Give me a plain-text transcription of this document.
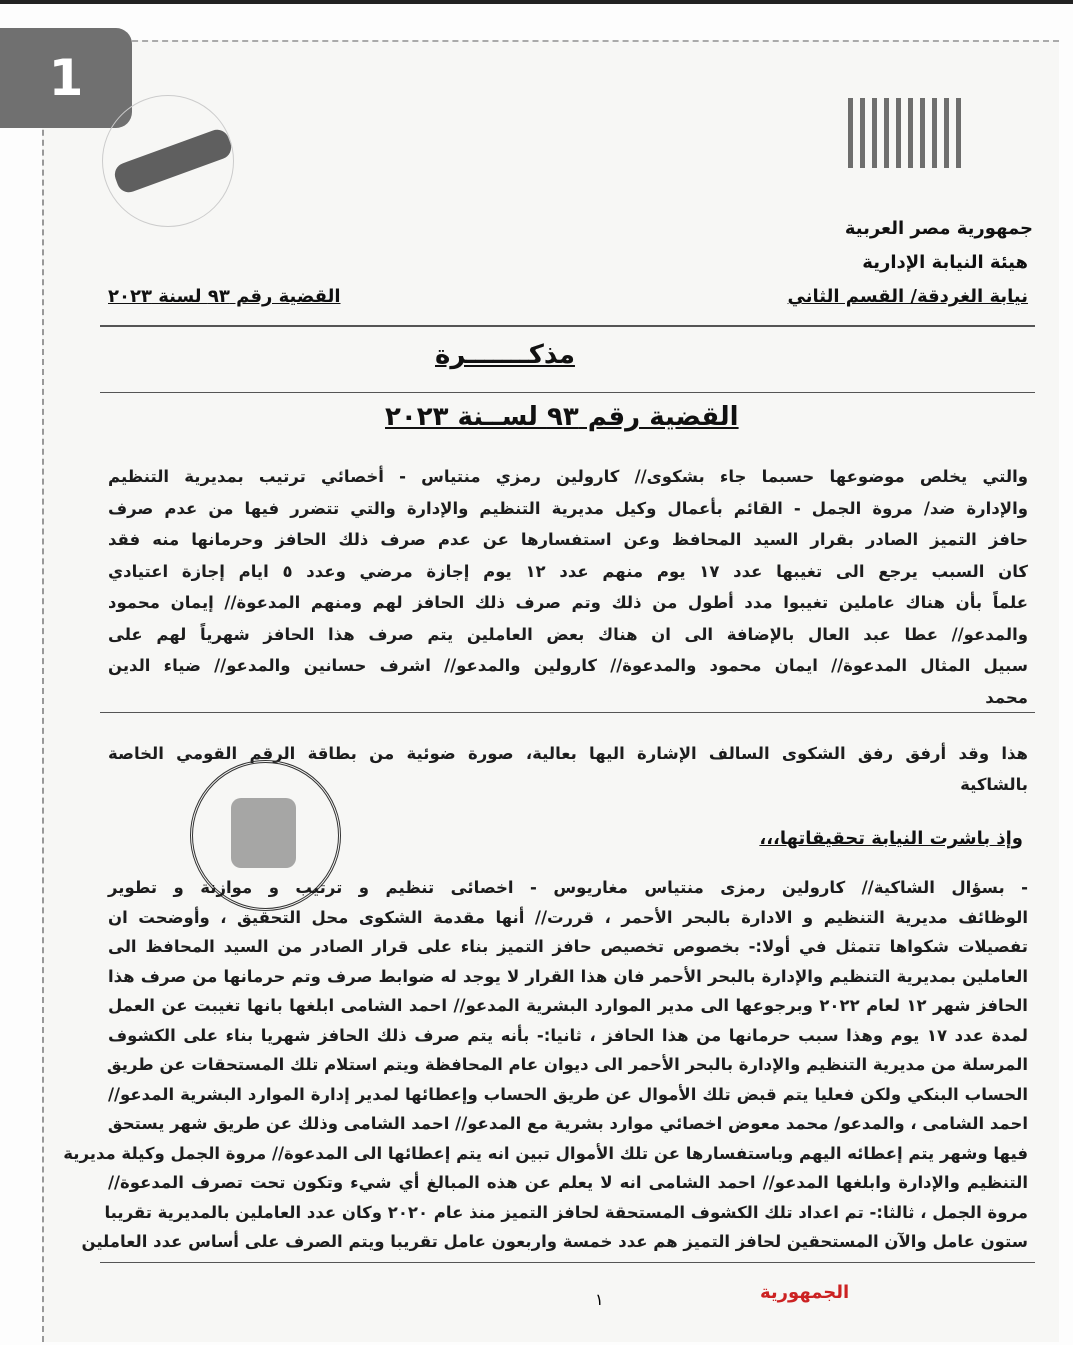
1
جمهورية مصر العربية
هيئة النيابة الإدارية
نيابة الغردقة/ القسم الثاني
القضية رقم ٩٣ لسنة ٢٠٢٣
مذكـــــــرة
القضية رقم ٩٣ لســنة ٢٠٢٣
والتي يخلص موضوعها حسبما جاء بشكوى// كارولين رمزي منتياس - أخصائي ترتيب بمديرية التنظيم
والإدارة ضد/ مروة الجمل - القائم بأعمال وكيل مديرية التنظيم والإدارة والتي تتضرر فيها من عدم صرف
حافز التميز الصادر بقرار السيد المحافظ وعن استفسارها عن عدم صرف ذلك الحافز وحرمانها منه فقد
كان السبب يرجع الى تغيبها عدد ١٧ يوم منهم عدد ١٢ يوم إجازة مرضي وعدد ٥ ايام إجازة اعتيادي
علماً بأن هناك عاملين تغيبوا مدد أطول من ذلك وتم صرف ذلك الحافز لهم ومنهم المدعوة// إيمان محمود
والمدعو// عطا عبد العال بالإضافة الى ان هناك بعض العاملين يتم صرف هذا الحافز شهرياً لهم على
سبيل المثال المدعوة// ايمان محمود والمدعوة// كارولين والمدعو// اشرف حسانين والمدعو// ضياء الدين
محمد
هذا وقد أرفق رفق الشكوى السالف الإشارة اليها بعالية، صورة ضوئية من بطاقة الرقم القومي الخاصة
بالشاكية
وإذ باشرت النيابة تحقيقاتها،،،
- بسؤال الشاكية// كارولين رمزى منتياس مغاريوس - اخصائى تنظيم و ترتيب و موازنة و تطوير
الوظائف مديرية التنظيم و الادارة بالبحر الأحمر ، قررت// أنها مقدمة الشكوى محل التحقيق ، وأوضحت ان
تفصيلات شكواها تتمثل في أولا:- بخصوص تخصيص حافز التميز بناء على قرار الصادر من السيد المحافظ الى
العاملين بمديرية التنظيم والإدارة بالبحر الأحمر فان هذا القرار لا يوجد له ضوابط صرف وتم حرمانها من صرف هذا
الحافز شهر ١٢ لعام ٢٠٢٢ وبرجوعها الى مدير الموارد البشرية المدعو// احمد الشامى ابلغها بانها تغيبت عن العمل
لمدة عدد ١٧ يوم وهذا سبب حرمانها من هذا الحافز ، ثانيا:- بأنه يتم صرف ذلك الحافز شهريا بناء على الكشوف
المرسلة من مديرية التنظيم والإدارة بالبحر الأحمر الى ديوان عام المحافظة ويتم استلام تلك المستحقات عن طريق
الحساب البنكي ولكن فعليا يتم قبض تلك الأموال عن طريق الحساب وإعطائها لمدير إدارة الموارد البشرية المدعو//
احمد الشامى ، والمدعو/ محمد معوض اخصائي موارد بشرية مع المدعو// احمد الشامى وذلك عن طريق شهر يستحق
فيها وشهر يتم إعطائه اليهم وباستفسارها عن تلك الأموال تبين انه يتم إعطائها الى المدعوة// مروة الجمل وكيلة مديرية
التنظيم والإدارة وابلغها المدعو// احمد الشامى انه لا يعلم عن هذه المبالغ أي شيء وتكون تحت تصرف المدعوة//
مروة الجمل ، ثالثا:- تم اعداد تلك الكشوف المستحقة لحافز التميز منذ عام ٢٠٢٠ وكان عدد العاملين بالمديرية تقريبا
ستون عامل والآن المستحقين لحافز التميز هم عدد خمسة واربعون عامل تقريبا ويتم الصرف على أساس عدد العاملين
الجمهورية
١
